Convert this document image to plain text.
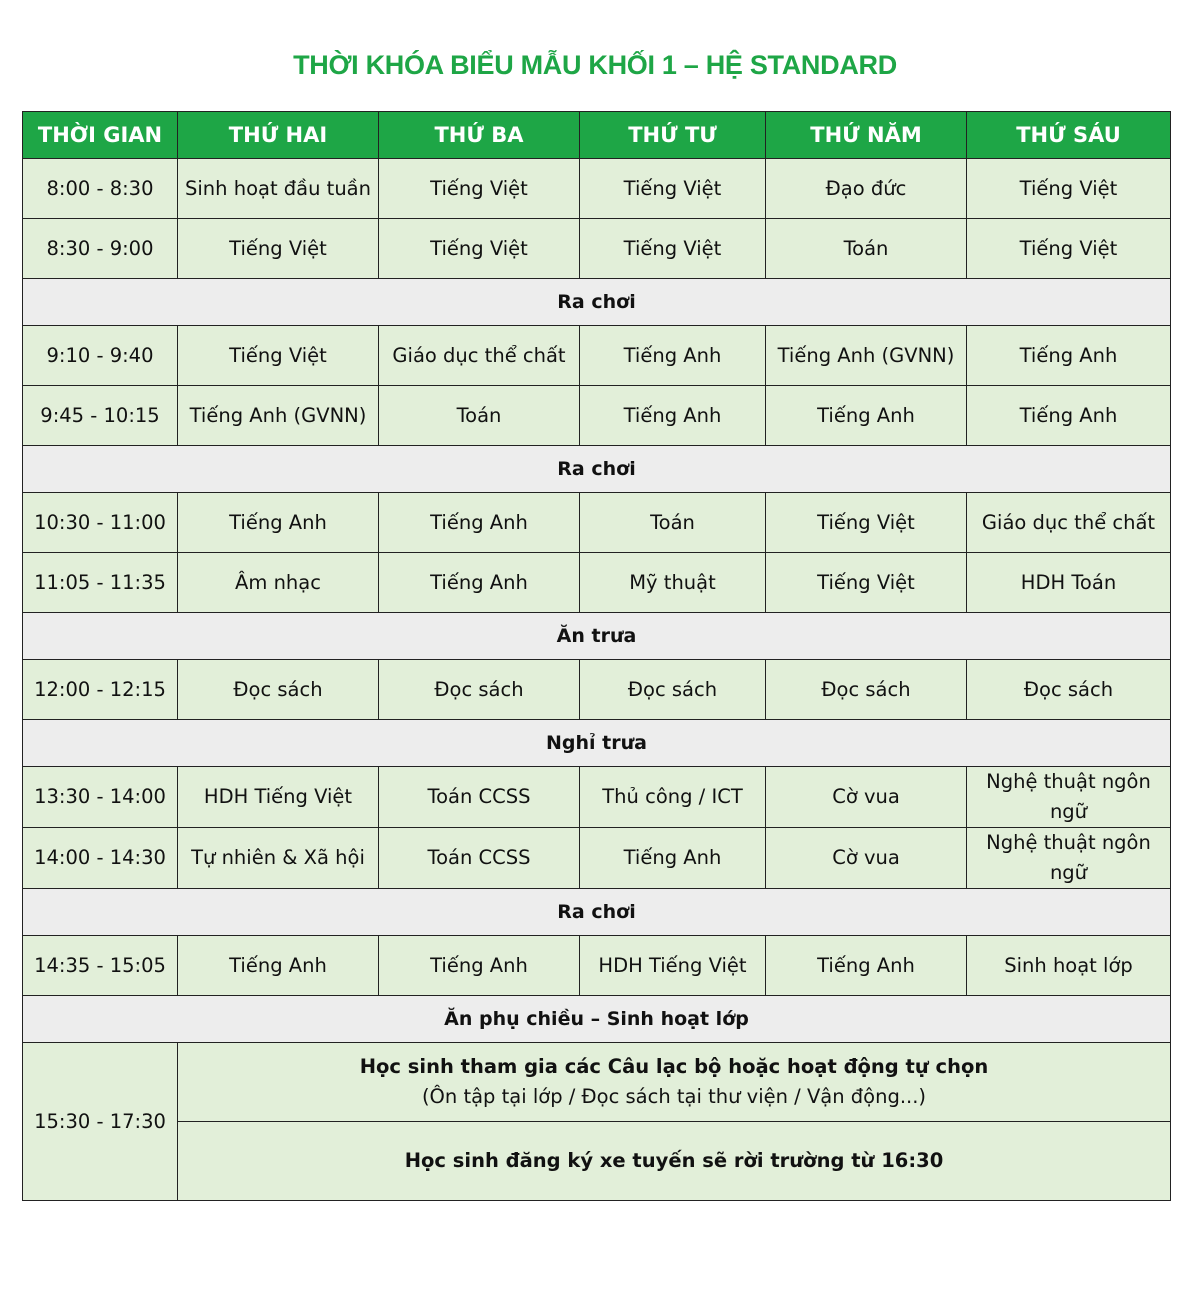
THỜI KHÓA BIỂU MẪU KHỐI 1 – HỆ STANDARD
THỜI GIAN	THỨ HAI	THỨ BA	THỨ TƯ	THỨ NĂM	THỨ SÁU
8:00 - 8:30	Sinh hoạt đầu tuần	Tiếng Việt	Tiếng Việt	Đạo đức	Tiếng Việt
8:30 - 9:00	Tiếng Việt	Tiếng Việt	Tiếng Việt	Toán	Tiếng Việt
Ra chơi					
9:10 - 9:40	Tiếng Việt	Giáo dục thể chất	Tiếng Anh	Tiếng Anh (GVNN)	Tiếng Anh
9:45 - 10:15	Tiếng Anh (GVNN)	Toán	Tiếng Anh	Tiếng Anh	Tiếng Anh
Ra chơi					
10:30 - 11:00	Tiếng Anh	Tiếng Anh	Toán	Tiếng Việt	Giáo dục thể chất
11:05 - 11:35	Âm nhạc	Tiếng Anh	Mỹ thuật	Tiếng Việt	HDH Toán
Ăn trưa					
12:00 - 12:15	Đọc sách	Đọc sách	Đọc sách	Đọc sách	Đọc sách
Nghỉ trưa					
13:30 - 14:00	HDH Tiếng Việt	Toán CCSS	Thủ công / ICT	Cờ vua	Nghệ thuật ngôn ngữ
14:00 - 14:30	Tự nhiên & Xã hội	Toán CCSS	Tiếng Anh	Cờ vua	Nghệ thuật ngôn ngữ
Ra chơi					
14:35 - 15:05	Tiếng Anh	Tiếng Anh	HDH Tiếng Việt	Tiếng Anh	Sinh hoạt lớp
Ăn phụ chiều – Sinh hoạt lớp					
15:30 - 17:30	Học sinh tham gia các Câu lạc bộ hoặc hoạt động tự chọn
(Ôn tập tại lớp / Đọc sách tại thư viện / Vận động...)				

	Học sinh đăng ký xe tuyến sẽ rời trường từ 16:30				
